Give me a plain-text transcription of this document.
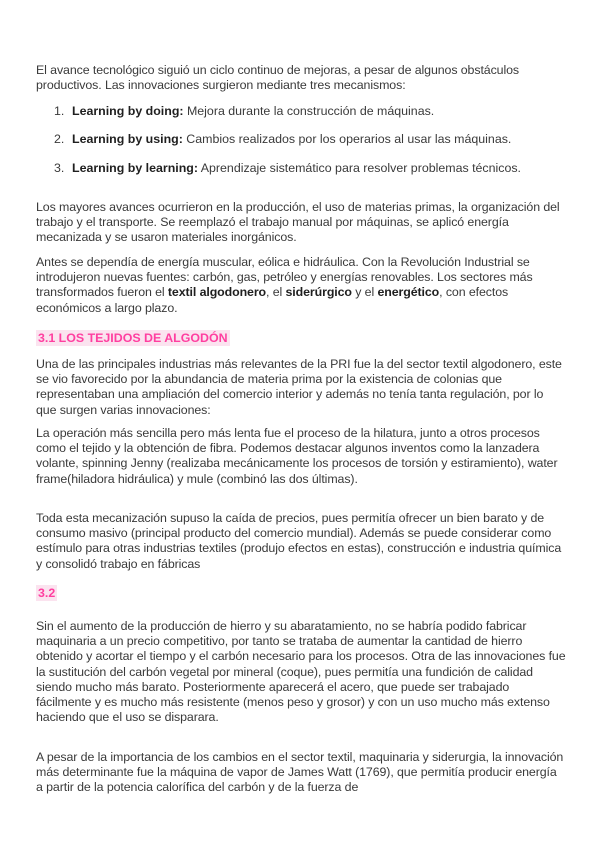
El avance tecnológico siguió un ciclo continuo de mejoras, a pesar de algunos obstáculos productivos. Las innovaciones surgieron mediante tres mecanismos:

1. Learning by doing: Mejora durante la construcción de máquinas.

2. Learning by using: Cambios realizados por los operarios al usar las máquinas.

3. Learning by learning: Aprendizaje sistemático para resolver problemas técnicos.

Los mayores avances ocurrieron en la producción, el uso de materias primas, la organización del trabajo y el transporte. Se reemplazó el trabajo manual por máquinas, se aplicó energía mecanizada y se usaron materiales inorgánicos.

Antes se dependía de energía muscular, eólica e hidráulica. Con la Revolución Industrial se introdujeron nuevas fuentes: carbón, gas, petróleo y energías renovables. Los sectores más transformados fueron el textil algodonero, el siderúrgico y el energético, con efectos económicos a largo plazo.

3.1 LOS TEJIDOS DE ALGODÓN

Una de las principales industrias más relevantes de la PRI fue la del sector textil algodonero, este se vio favorecido por la abundancia de materia prima por la existencia de colonias que representaban una ampliación del comercio interior y además no tenía tanta regulación, por lo que surgen varias innovaciones:

La operación más sencilla pero más lenta fue el proceso de la hilatura, junto a otros procesos como el tejido y la obtención de fibra. Podemos destacar algunos inventos como la lanzadera volante, spinning Jenny (realizaba mecánicamente los procesos de torsión y estiramiento), water frame(hiladora hidráulica) y mule (combinó las dos últimas).

Toda esta mecanización supuso la caída de precios, pues permitía ofrecer un bien barato y de consumo masivo (principal producto del comercio mundial). Además se puede considerar como estímulo para otras industrias textiles (produjo efectos en estas), construcción e industria química y consolidó trabajo en fábricas

3.2

Sin el aumento de la producción de hierro y su abaratamiento, no se habría podido fabricar maquinaria a un precio competitivo, por tanto se trataba de aumentar la cantidad de hierro obtenido y acortar el tiempo y el carbón necesario para los procesos. Otra de las innovaciones fue la sustitución del carbón vegetal por mineral (coque), pues permitía una fundición de calidad siendo mucho más barato. Posteriormente aparecerá el acero, que puede ser trabajado fácilmente y es mucho más resistente (menos peso y grosor) y con un uso mucho más extenso haciendo que el uso se disparara.

A pesar de la importancia de los cambios en el sector textil, maquinaria y siderurgia, la innovación más determinante fue la máquina de vapor de James Watt (1769), que permitía producir energía a partir de la potencia calorífica del carbón y de la fuerza de
